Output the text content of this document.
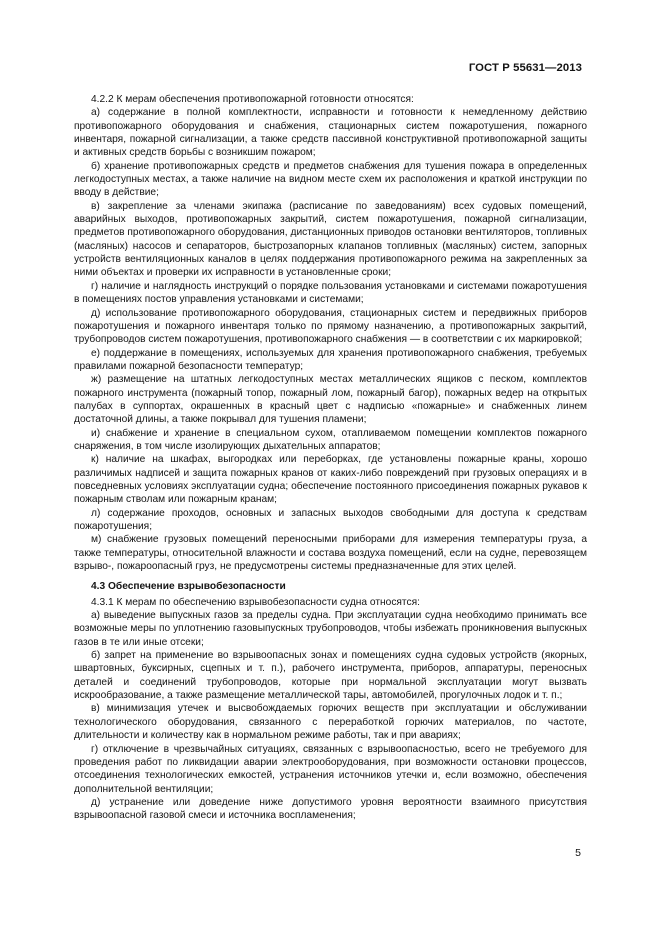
ГОСТ Р 55631—2013

4.2.2 К мерам обеспечения противопожарной готовности относятся:

а) содержание в полной комплектности, исправности и готовности к немедленному действию противопожарного оборудования и снабжения, стационарных систем пожаротушения, пожарного инвентаря, пожарной сигнализации, а также средств пассивной конструктивной противопожарной защиты и активных средств борьбы с возникшим пожаром;

б) хранение противопожарных средств и предметов снабжения для тушения пожара в определенных легкодоступных местах, а также наличие на видном месте схем их расположения и краткой инструкции по вводу в действие;

в) закрепление за членами экипажа (расписание по заведованиям) всех судовых помещений, аварийных выходов, противопожарных закрытий, систем пожаротушения, пожарной сигнализации, предметов противопожарного оборудования, дистанционных приводов остановки вентиляторов, топливных (масляных) насосов и сепараторов, быстрозапорных клапанов топливных (масляных) систем, запорных устройств вентиляционных каналов в целях поддержания противопожарного режима на закрепленных за ними объектах и проверки их исправности в установленные сроки;

г) наличие и наглядность инструкций о порядке пользования установками и системами пожаротушения в помещениях постов управления установками и системами;

д) использование противопожарного оборудования, стационарных систем и передвижных приборов пожаротушения и пожарного инвентаря только по прямому назначению, а противопожарных закрытий, трубопроводов систем пожаротушения, противопожарного снабжения — в соответствии с их маркировкой;

е) поддержание в помещениях, используемых для хранения противопожарного снабжения, требуемых правилами пожарной безопасности температур;

ж) размещение на штатных легкодоступных местах металлических ящиков с песком, комплектов пожарного инструмента (пожарный топор, пожарный лом, пожарный багор), пожарных ведер на открытых палубах в суппортах, окрашенных в красный цвет с надписью «пожарные» и снабженных линем достаточной длины, а также покрывал для тушения пламени;

и) снабжение и хранение в специальном сухом, отапливаемом помещении комплектов пожарного снаряжения, в том числе изолирующих дыхательных аппаратов;

к) наличие на шкафах, выгородках или переборках, где установлены пожарные краны, хорошо различимых надписей и защита пожарных кранов от каких-либо повреждений при грузовых операциях и в повседневных условиях эксплуатации судна; обеспечение постоянного присоединения пожарных рукавов к пожарным стволам или пожарным кранам;

л) содержание проходов, основных и запасных выходов свободными для доступа к средствам пожаротушения;

м) снабжение грузовых помещений переносными приборами для измерения температуры груза, а также температуры, относительной влажности и состава воздуха помещений, если на судне, перевозящем взрыво-, пожароопасный груз, не предусмотрены системы предназначенные для этих целей.

4.3 Обеспечение взрывобезопасности

4.3.1 К мерам по обеспечению взрывобезопасности судна относятся:

а) выведение выпускных газов за пределы судна. При эксплуатации судна необходимо принимать все возможные меры по уплотнению газовыпускных трубопроводов, чтобы избежать проникновения выпускных газов в те или иные отсеки;

б) запрет на применение во взрывоопасных зонах и помещениях судна судовых устройств (якорных, швартовных, буксирных, сцепных и т. п.), рабочего инструмента, приборов, аппаратуры, переносных деталей и соединений трубопроводов, которые при нормальной эксплуатации могут вызвать искрообразование, а также размещение металлической тары, автомобилей, прогулочных лодок и т. п.;

в) минимизация утечек и высвобождаемых горючих веществ при эксплуатации и обслуживании технологического оборудования, связанного с переработкой горючих материалов, по частоте, длительности и количеству как в нормальном режиме работы, так и при авариях;

г) отключение в чрезвычайных ситуациях, связанных с взрывоопасностью, всего не требуемого для проведения работ по ликвидации аварии электрооборудования, при возможности остановки процессов, отсоединения технологических емкостей, устранения источников утечки и, если возможно, обеспечения дополнительной вентиляции;

д) устранение или доведение ниже допустимого уровня вероятности взаимного присутствия взрывоопасной газовой смеси и источника воспламенения;

5
